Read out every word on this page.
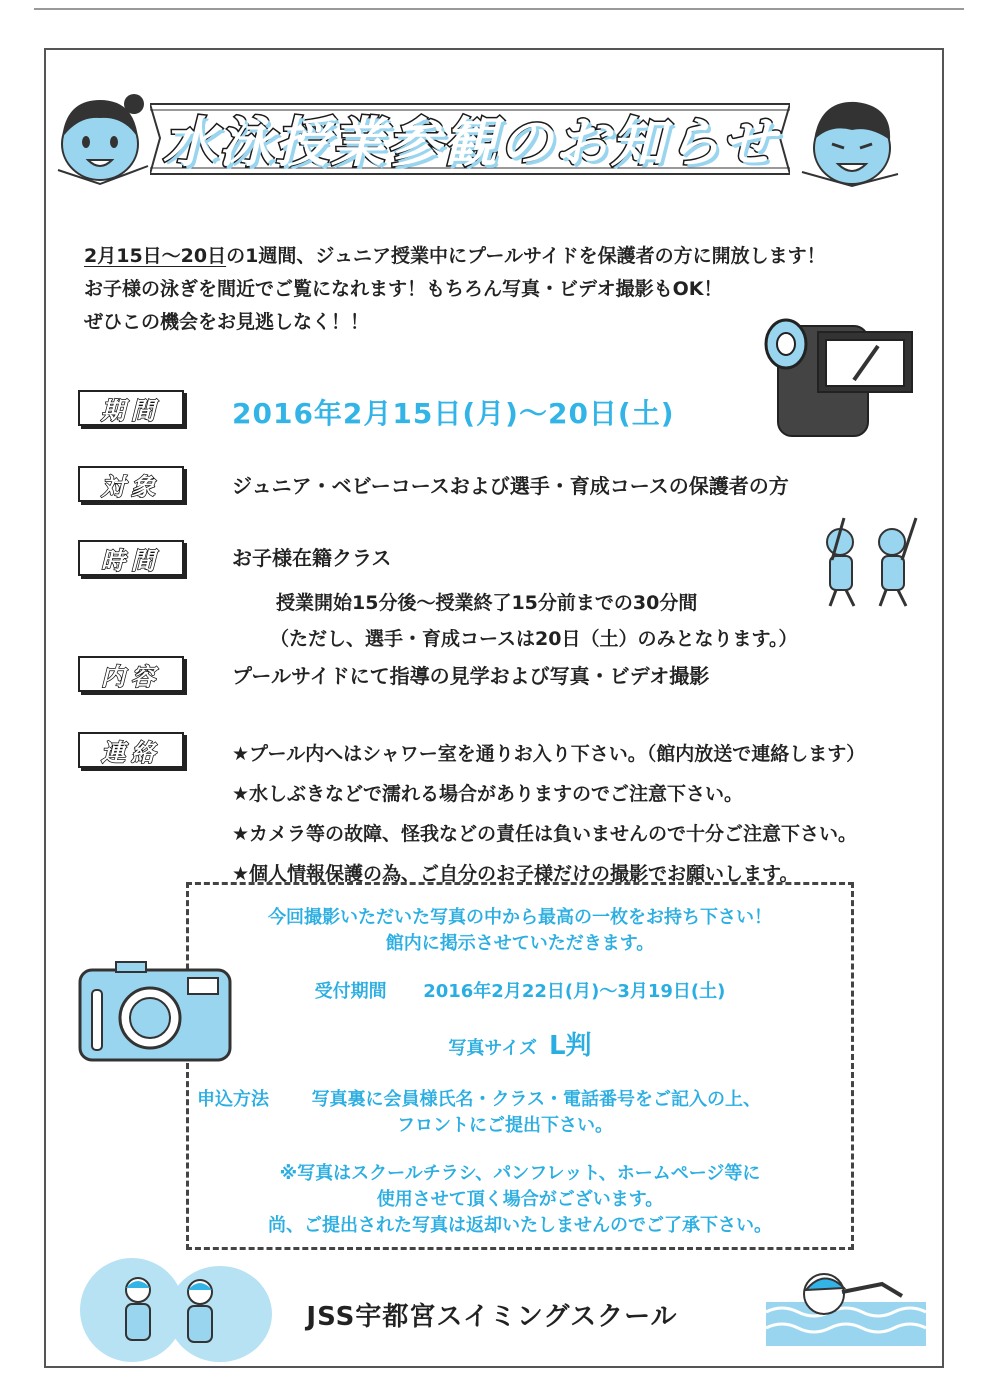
水泳授業参観のお知らせ

2月15日〜20日の1週間、ジュニア授業中にプールサイドを保護者の方に開放します！

お子様の泳ぎを間近でご覧になれます！もちろん写真・ビデオ撮影もOK！

ぜひこの機会をお見逃しなく！！

期間	2016年2月15日(月)〜20日(土)
対象	ジュニア・ベビーコースおよび選手・育成コースの保護者の方
時間	お子様在籍クラス
授業開始15分後〜授業終了15分前までの30分間
（ただし、選手・育成コースは20日（土）のみとなります。）
内容	プールサイドにて指導の見学および写真・ビデオ撮影
連絡	★プール内へはシャワー室を通りお入り下さい。（館内放送で連絡します）
★水しぶきなどで濡れる場合がありますのでご注意下さい。
★カメラ等の故障、怪我などの責任は負いませんので十分ご注意下さい。
★個人情報保護の為、ご自分のお子様だけの撮影でお願いします。
今回撮影いただいた写真の中から最高の一枚をお持ち下さい！
館内に掲示させていただきます。
受付期間 2016年2月22日(月)〜3月19日(土)
写真サイズ L判
申込方法 写真裏に会員様氏名・クラス・電話番号をご記入の上、
フロントにご提出下さい。
※写真はスクールチラシ、パンフレット、ホームページ等に
使用させて頂く場合がございます。
尚、ご提出された写真は返却いたしませんのでご了承下さい。
JSS宇都宮スイミングスクール
